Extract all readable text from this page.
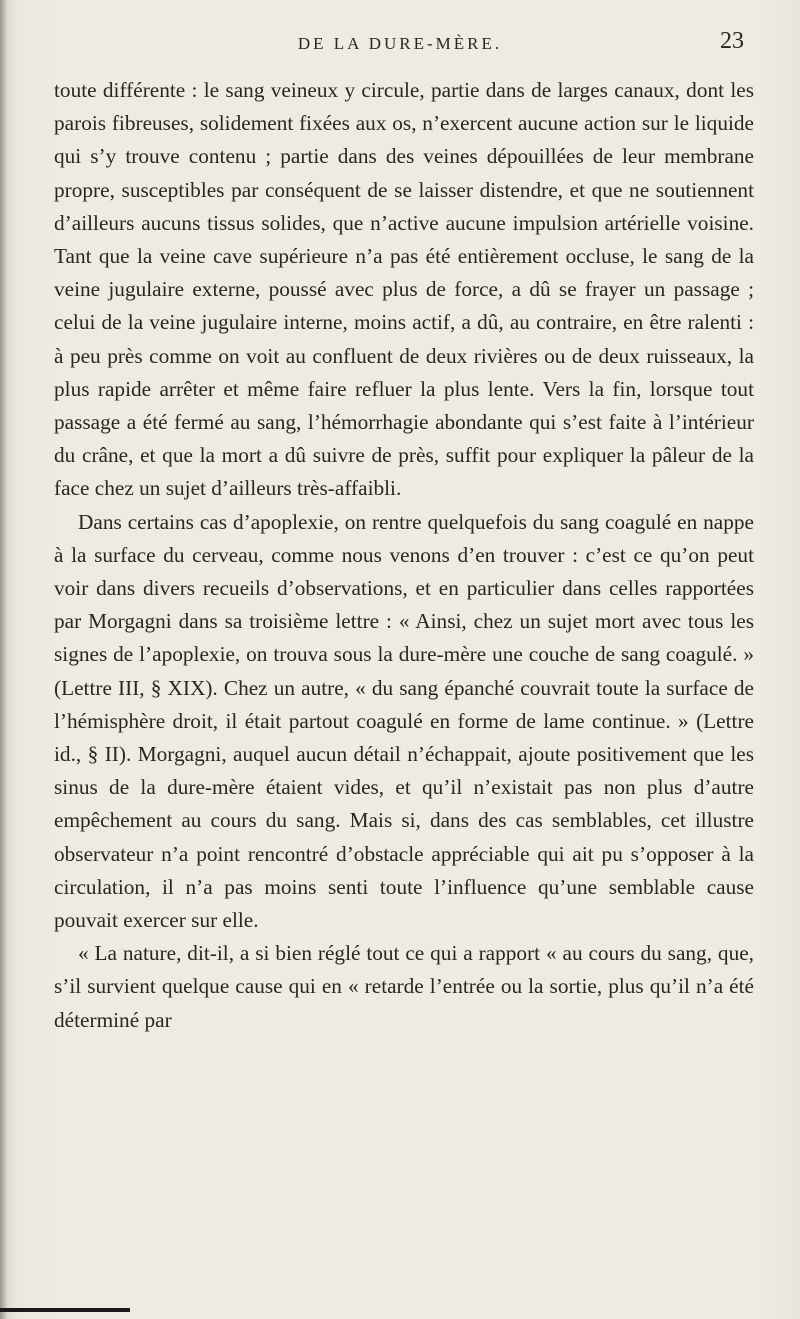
DE LA DURE-MÈRE.	23

toute différente : le sang veineux y circule, partie dans de larges canaux, dont les parois fibreuses, solidement fixées aux os, n’exercent aucune action sur le liquide qui s’y trouve contenu ; partie dans des veines dépouillées de leur membrane propre, susceptibles par conséquent de se laisser distendre, et que ne soutiennent d’ailleurs aucuns tissus solides, que n’active aucune impulsion artérielle voisine. Tant que la veine cave supérieure n’a pas été entièrement occluse, le sang de la veine jugulaire externe, poussé avec plus de force, a dû se frayer un passage ; celui de la veine jugulaire interne, moins actif, a dû, au contraire, en être ralenti : à peu près comme on voit au confluent de deux rivières ou de deux ruisseaux, la plus rapide arrêter et même faire refluer la plus lente. Vers la fin, lorsque tout passage a été fermé au sang, l’hémorrhagie abondante qui s’est faite à l’intérieur du crâne, et que la mort a dû suivre de près, suffit pour expliquer la pâleur de la face chez un sujet d’ailleurs très-affaibli.

Dans certains cas d’apoplexie, on rentre quelquefois du sang coagulé en nappe à la surface du cerveau, comme nous venons d’en trouver : c’est ce qu’on peut voir dans divers recueils d’observations, et en particulier dans celles rapportées par Morgagni dans sa troisième lettre : « Ainsi, chez un sujet mort avec tous les signes de l’apoplexie, on trouva sous la dure-mère une couche de sang coagulé. » (Lettre III, § XIX). Chez un autre, « du sang épanché couvrait toute la surface de l’hémisphère droit, il était partout coagulé en forme de lame continue. » (Lettre id., § II). Morgagni, auquel aucun détail n’échappait, ajoute positivement que les sinus de la dure-mère étaient vides, et qu’il n’existait pas non plus d’autre empêchement au cours du sang. Mais si, dans des cas semblables, cet illustre observateur n’a point rencontré d’obstacle appréciable qui ait pu s’opposer à la circulation, il n’a pas moins senti toute l’influence qu’une semblable cause pouvait exercer sur elle.

« La nature, dit-il, a si bien réglé tout ce qui a rapport « au cours du sang, que, s’il survient quelque cause qui en « retarde l’entrée ou la sortie, plus qu’il n’a été déterminé par
